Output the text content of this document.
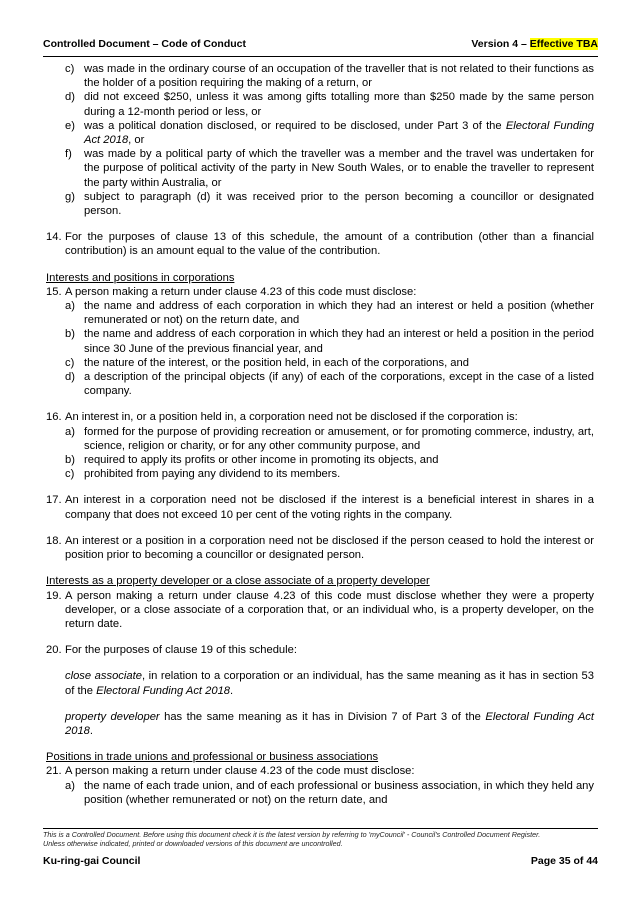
Controlled Document – Code of Conduct	Version 4 – Effective TBA
c) was made in the ordinary course of an occupation of the traveller that is not related to their functions as the holder of a position requiring the making of a return, or
d) did not exceed $250, unless it was among gifts totalling more than $250 made by the same person during a 12-month period or less, or
e) was a political donation disclosed, or required to be disclosed, under Part 3 of the Electoral Funding Act 2018, or
f) was made by a political party of which the traveller was a member and the travel was undertaken for the purpose of political activity of the party in New South Wales, or to enable the traveller to represent the party within Australia, or
g) subject to paragraph (d) it was received prior to the person becoming a councillor or designated person.
14. For the purposes of clause 13 of this schedule, the amount of a contribution (other than a financial contribution) is an amount equal to the value of the contribution.
Interests and positions in corporations
15. A person making a return under clause 4.23 of this code must disclose:
a) the name and address of each corporation in which they had an interest or held a position (whether remunerated or not) on the return date, and
b) the name and address of each corporation in which they had an interest or held a position in the period since 30 June of the previous financial year, and
c) the nature of the interest, or the position held, in each of the corporations, and
d) a description of the principal objects (if any) of each of the corporations, except in the case of a listed company.
16. An interest in, or a position held in, a corporation need not be disclosed if the corporation is:
a) formed for the purpose of providing recreation or amusement, or for promoting commerce, industry, art, science, religion or charity, or for any other community purpose, and
b) required to apply its profits or other income in promoting its objects, and
c) prohibited from paying any dividend to its members.
17. An interest in a corporation need not be disclosed if the interest is a beneficial interest in shares in a company that does not exceed 10 per cent of the voting rights in the company.
18. An interest or a position in a corporation need not be disclosed if the person ceased to hold the interest or position prior to becoming a councillor or designated person.
Interests as a property developer or a close associate of a property developer
19. A person making a return under clause 4.23 of this code must disclose whether they were a property developer, or a close associate of a corporation that, or an individual who, is a property developer, on the return date.
20. For the purposes of clause 19 of this schedule:
close associate, in relation to a corporation or an individual, has the same meaning as it has in section 53 of the Electoral Funding Act 2018.
property developer has the same meaning as it has in Division 7 of Part 3 of the Electoral Funding Act 2018.
Positions in trade unions and professional or business associations
21. A person making a return under clause 4.23 of the code must disclose:
a) the name of each trade union, and of each professional or business association, in which they held any position (whether remunerated or not) on the return date, and
This is a Controlled Document. Before using this document check it is the latest version by referring to 'myCouncil' - Council's Controlled Document Register.
Unless otherwise indicated, printed or downloaded versions of this document are uncontrolled.
Ku-ring-gai Council	Page 35 of 44
